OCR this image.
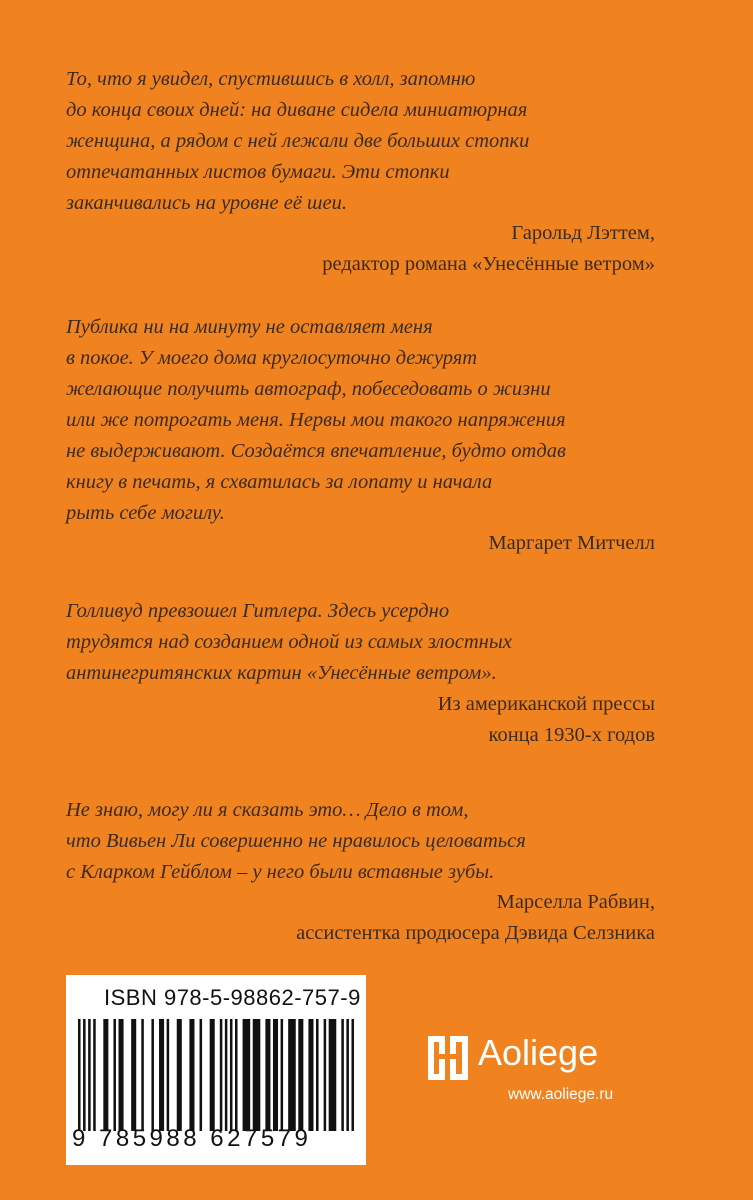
То, что я увидел, спустившись в холл, запомню
до конца своих дней: на диване сидела миниатюрная
женщина, а рядом с ней лежали две больших стопки
отпечатанных листов бумаги. Эти стопки
заканчивались на уровне её шеи.
Гарольд Лэттем,
редактор романа «Унесённые ветром»
Публика ни на минуту не оставляет меня
в покое. У моего дома круглосуточно дежурят
желающие получить автограф, побеседовать о жизни
или же потрогать меня. Нервы мои такого напряжения
не выдерживают. Создаётся впечатление, будто отдав
книгу в печать, я схватилась за лопату и начала
рыть себе могилу.
Маргарет Митчелл
Голливуд превзошел Гитлера. Здесь усердно
трудятся над созданием одной из самых злостных
антинегритянских картин «Унесённые ветром».
Из американской прессы
конца 1930-х годов
Не знаю, могу ли я сказать это… Дело в том,
что Вивьен Ли совершенно не нравилось целоваться
с Кларком Гейблом – у него были вставные зубы.
Марселла Рабвин,
ассистентка продюсера Дэвида Селзника
ISBN 978-5-98862-757-9
9 785988 627579
Aoliege
www.aoliege.ru
